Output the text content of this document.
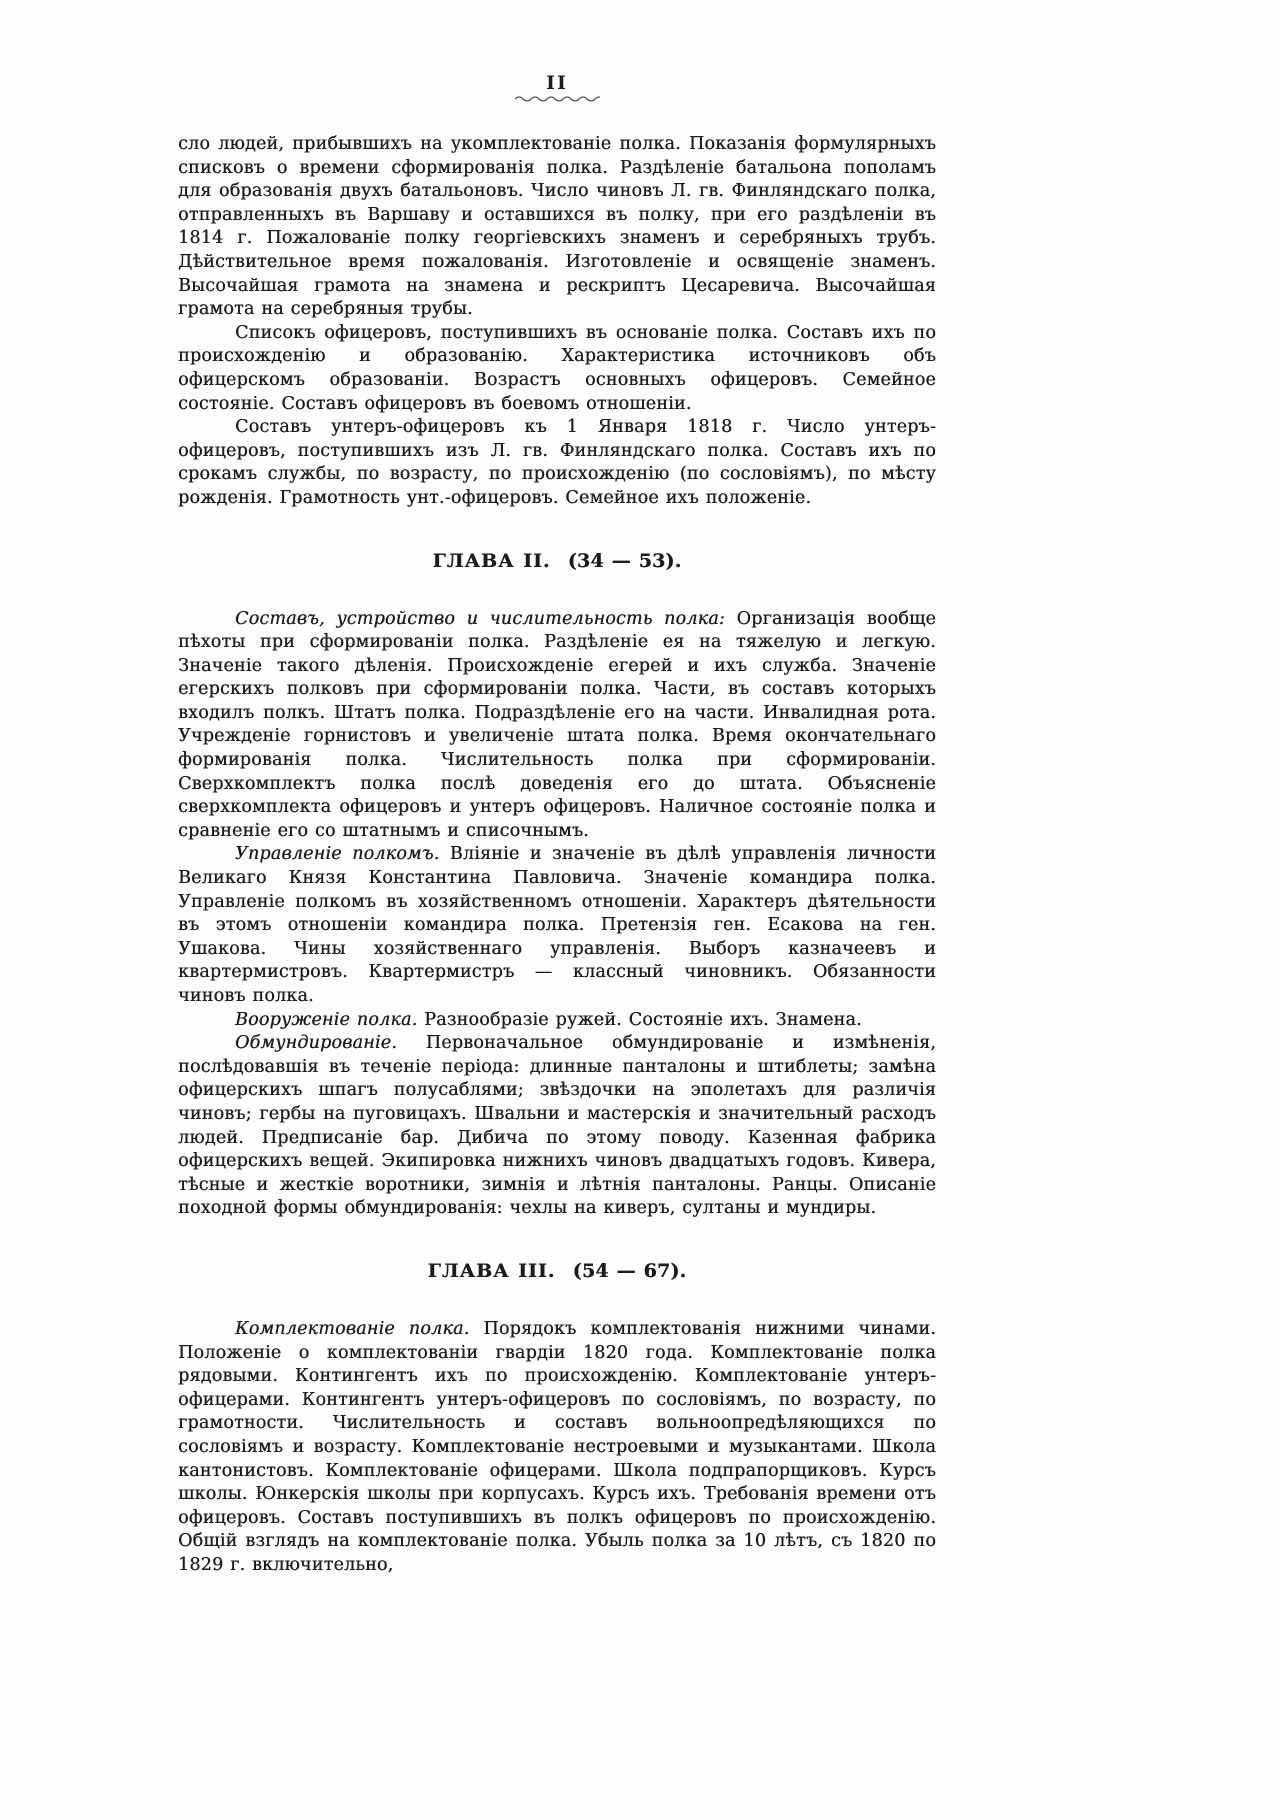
II

сло людей, прибывшихъ на укомплектованіе полка. Показанія формулярныхъ списковъ о времени сформированія полка. Раздѣленіе батальона пополамъ для образованія двухъ батальоновъ. Число чиновъ Л. гв. Финляндскаго полка, отправленныхъ въ Варшаву и оставшихся въ полку, при его раздѣленіи въ 1814 г. Пожалованіе полку георгіевскихъ знаменъ и серебряныхъ трубъ. Дѣйствительное время пожалованія. Изготовленіе и освященіе знаменъ. Высочайшая грамота на знамена и рескриптъ Цесаревича. Высочайшая грамота на серебряныя трубы.

Списокъ офицеровъ, поступившихъ въ основаніе полка. Составъ ихъ по происхожденію и образованію. Характеристика источниковъ объ офицерскомъ образованіи. Возрастъ основныхъ офицеровъ. Семейное состояніе. Составъ офицеровъ въ боевомъ отношеніи.

Составъ унтеръ-офицеровъ къ 1 Января 1818 г. Число унтеръ-офицеровъ, поступившихъ изъ Л. гв. Финляндскаго полка. Составъ ихъ по срокамъ службы, по возрасту, по происхожденію (по сословіямъ), по мѣсту рожденія. Грамотность унт.-офицеровъ. Семейное ихъ положеніе.

ГЛАВА II. (34 — 53).

Составъ, устройство и числительность полка: Организація вообще пѣхоты при сформированіи полка. Раздѣленіе ея на тяжелую и легкую. Значеніе такого дѣленія. Происхожденіе егерей и ихъ служба. Значеніе егерскихъ полковъ при сформированіи полка. Части, въ составъ которыхъ входилъ полкъ. Штатъ полка. Подраздѣленіе его на части. Инвалидная рота. Учрежденіе горнистовъ и увеличеніе штата полка. Время окончательнаго формированія полка. Числительность полка при сформированіи. Сверхкомплектъ полка послѣ доведенія его до штата. Объясненіе сверхкомплекта офицеровъ и унтеръ офицеровъ. Наличное состояніе полка и сравненіе его со штатнымъ и списочнымъ.

Управленіе полкомъ. Вліяніе и значеніе въ дѣлѣ управленія личности Великаго Князя Константина Павловича. Значеніе командира полка. Управленіе полкомъ въ хозяйственномъ отношеніи. Характеръ дѣятельности въ этомъ отношеніи командира полка. Претензія ген. Есакова на ген. Ушакова. Чины хозяйственнаго управленія. Выборъ казначеевъ и квартермистровъ. Квартермистръ — классный чиновникъ. Обязанности чиновъ полка.

Вооруженіе полка. Разнообразіе ружей. Состояніе ихъ. Знамена.

Обмундированіе. Первоначальное обмундированіе и измѣненія, послѣдовавшія въ теченіе періода: длинные панталоны и штиблеты; замѣна офицерскихъ шпагъ полусаблями; звѣздочки на эполетахъ для различія чиновъ; гербы на пуговицахъ. Швальни и мастерскія и значительный расходъ людей. Предписаніе бар. Дибича по этому поводу. Казенная фабрика офицерскихъ вещей. Экипировка нижнихъ чиновъ двадцатыхъ годовъ. Кивера, тѣсные и жесткіе воротники, зимнія и лѣтнія панталоны. Ранцы. Описаніе походной формы обмундированія: чехлы на киверъ, султаны и мундиры.

ГЛАВА III. (54 — 67).

Комплектованіе полка. Порядокъ комплектованія нижними чинами. Положеніе о комплектованіи гвардіи 1820 года. Комплектованіе полка рядовыми. Контингентъ ихъ по происхожденію. Комплектованіе унтеръ-офицерами. Контингентъ унтеръ-офицеровъ по сословіямъ, по возрасту, по грамотности. Числительность и составъ вольноопредѣляющихся по сословіямъ и возрасту. Комплектованіе нестроевыми и музыкантами. Школа кантонистовъ. Комплектованіе офицерами. Школа подпрапорщиковъ. Курсъ школы. Юнкерскія школы при корпусахъ. Курсъ ихъ. Требованія времени отъ офицеровъ. Составъ поступившихъ въ полкъ офицеровъ по происхожденію. Общій взглядъ на комплектованіе полка. Убыль полка за 10 лѣтъ, съ 1820 по 1829 г. включительно,
